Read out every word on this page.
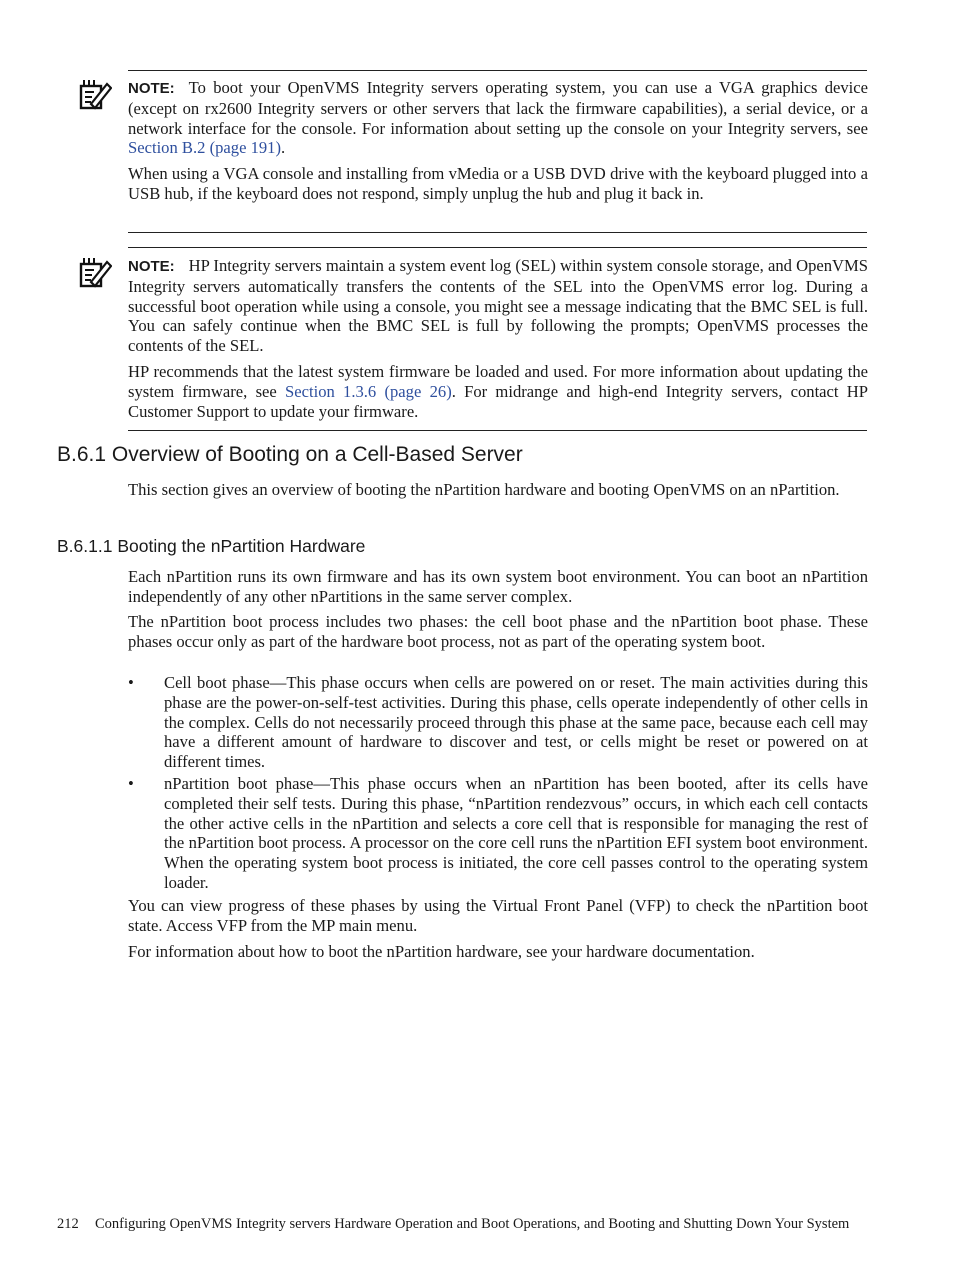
NOTE: To boot your OpenVMS Integrity servers operating system, you can use a VGA graphics device (except on rx2600 Integrity servers or other servers that lack the firmware capabilities), a serial device, or a network interface for the console. For information about setting up the console on your Integrity servers, see Section B.2 (page 191).
When using a VGA console and installing from vMedia or a USB DVD drive with the keyboard plugged into a USB hub, if the keyboard does not respond, simply unplug the hub and plug it back in.
NOTE: HP Integrity servers maintain a system event log (SEL) within system console storage, and OpenVMS Integrity servers automatically transfers the contents of the SEL into the OpenVMS error log. During a successful boot operation while using a console, you might see a message indicating that the BMC SEL is full. You can safely continue when the BMC SEL is full by following the prompts; OpenVMS processes the contents of the SEL.
HP recommends that the latest system firmware be loaded and used. For more information about updating the system firmware, see Section 1.3.6 (page 26). For midrange and high-end Integrity servers, contact HP Customer Support to update your firmware.
B.6.1 Overview of Booting on a Cell-Based Server
This section gives an overview of booting the nPartition hardware and booting OpenVMS on an nPartition.
B.6.1.1 Booting the nPartition Hardware
Each nPartition runs its own firmware and has its own system boot environment. You can boot an nPartition independently of any other nPartitions in the same server complex.
The nPartition boot process includes two phases: the cell boot phase and the nPartition boot phase. These phases occur only as part of the hardware boot process, not as part of the operating system boot.
• Cell boot phase—This phase occurs when cells are powered on or reset. The main activities during this phase are the power-on-self-test activities. During this phase, cells operate independently of other cells in the complex. Cells do not necessarily proceed through this phase at the same pace, because each cell may have a different amount of hardware to discover and test, or cells might be reset or powered on at different times.
• nPartition boot phase—This phase occurs when an nPartition has been booted, after its cells have completed their self tests. During this phase, “nPartition rendezvous” occurs, in which each cell contacts the other active cells in the nPartition and selects a core cell that is responsible for managing the rest of the nPartition boot process. A processor on the core cell runs the nPartition EFI system boot environment. When the operating system boot process is initiated, the core cell passes control to the operating system loader.
You can view progress of these phases by using the Virtual Front Panel (VFP) to check the nPartition boot state. Access VFP from the MP main menu.
For information about how to boot the nPartition hardware, see your hardware documentation.
212 Configuring OpenVMS Integrity servers Hardware Operation and Boot Operations, and Booting and Shutting Down Your System
